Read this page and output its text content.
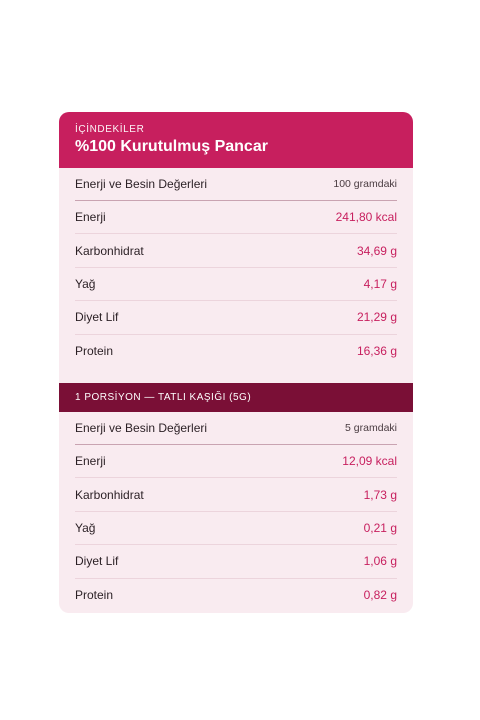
İÇİNDEKİLER
%100 Kurutulmuş Pancar
Enerji ve Besin Değerleri	100 gramdaki
Enerji	241,80 kcal
Karbonhidrat	34,69 g
Yağ	4,17 g
Diyet Lif	21,29 g
Protein	16,36 g
1 PORSİYON — TATLI KAŞIĞI (5G)
Enerji ve Besin Değerleri	5 gramdaki
Enerji	12,09 kcal
Karbonhidrat	1,73 g
Yağ	0,21 g
Diyet Lif	1,06 g
Protein	0,82 g
